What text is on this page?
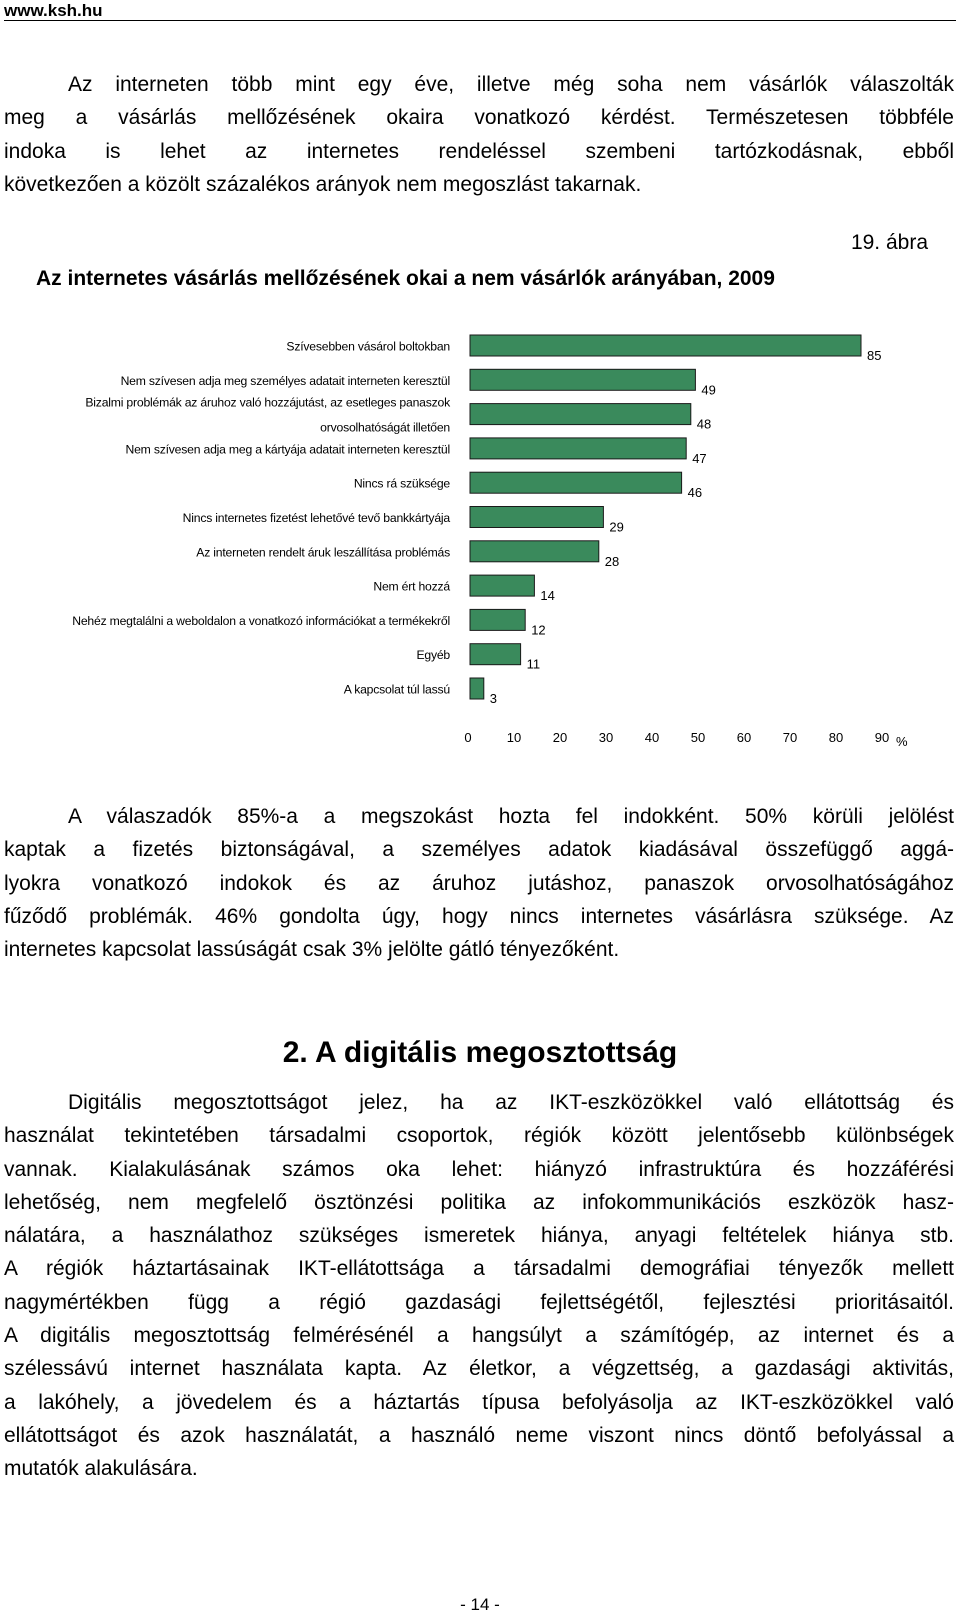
www.ksh.hu
Az interneten több mint egy éve, illetve még soha nem vásárlók válaszolták
meg a vásárlás mellőzésének okaira vonatkozó kérdést. Természetesen többféle
indoka is lehet az internetes rendeléssel szembeni tartózkodásnak, ebből
következően a közölt százalékos arányok nem megoszlást takarnak.
19. ábra
Az internetes vásárlás mellőzésének okai a nem vásárlók arányában, 2009
85
Szívesebben vásárol boltokban
49
Nem szívesen adja meg személyes adatait interneten keresztül
48
Bizalmi problémák az áruhoz való hozzájutást, az esetleges panaszok
orvosolhatóságát illetően
47
Nem szívesen adja meg a kártyája adatait interneten keresztül
46
Nincs rá szüksége
29
Nincs internetes fizetést lehetővé tevő bankkártyája
28
Az interneten rendelt áruk leszállítása problémás
14
Nem ért hozzá
12
Nehéz megtalálni a weboldalon a vonatkozó információkat a termékekről
11
Egyéb
3
A kapcsolat túl lassú
0	10 20 30 40 50 60 70 80 90 %
A válaszadók 85%-a a megszokást hozta fel indokként. 50% körüli jelölést
kaptak a fizetés biztonságával, a személyes adatok kiadásával összefüggő aggá-
lyokra vonatkozó indokok és az áruhoz jutáshoz, panaszok orvosolhatóságához
fűződő problémák. 46% gondolta úgy, hogy nincs internetes vásárlásra szüksége. Az
internetes kapcsolat lassúságát csak 3% jelölte gátló tényezőként.
2. A digitális megosztottság
Digitális megosztottságot jelez, ha az IKT-eszközökkel való ellátottság és
használat tekintetében társadalmi csoportok, régiók között jelentősebb különbségek
vannak. Kialakulásának számos oka lehet: hiányzó infrastruktúra és hozzáférési
lehetőség, nem megfelelő ösztönzési politika az infokommunikációs eszközök hasz-
nálatára, a használathoz szükséges ismeretek hiánya, anyagi feltételek hiánya stb.
A régiók háztartásainak IKT-ellátottsága a társadalmi demográfiai tényezők mellett
nagymértékben függ a régió gazdasági fejlettségétől, fejlesztési prioritásaitól.
A digitális megosztottság felmérésénél a hangsúlyt a számítógép, az internet és a
szélessávú internet használata kapta. Az életkor, a végzettség, a gazdasági aktivitás,
a lakóhely, a jövedelem és a háztartás típusa befolyásolja az IKT-eszközökkel való
ellátottságot és azok használatát, a használó neme viszont nincs döntő befolyással a
mutatók alakulására.
- 14 -
